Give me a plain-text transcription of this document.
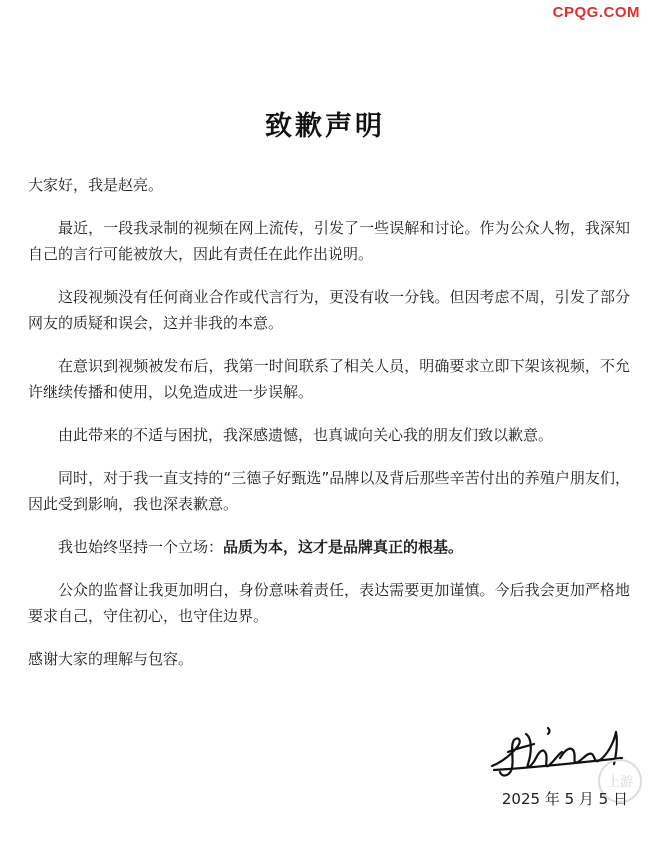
CPQG.COM
致歉声明

大家好，我是赵亮。

最近，一段我录制的视频在网上流传，引发了一些误解和讨论。作为公众人物，我深知自己的言行可能被放大，因此有责任在此作出说明。

这段视频没有任何商业合作或代言行为，更没有收一分钱。但因考虑不周，引发了部分网友的质疑和误会，这并非我的本意。

在意识到视频被发布后，我第一时间联系了相关人员，明确要求立即下架该视频，不允许继续传播和使用，以免造成进一步误解。

由此带来的不适与困扰，我深感遗憾，也真诚向关心我的朋友们致以歉意。

同时，对于我一直支持的“三德子好甄选”品牌以及背后那些辛苦付出的养殖户朋友们，因此受到影响，我也深表歉意。

我也始终坚持一个立场：品质为本，这才是品牌真正的根基。

公众的监督让我更加明白，身份意味着责任，表达需要更加谨慎。今后我会更加严格地要求自己，守住初心，也守住边界。

感谢大家的理解与包容。

上游
2025 年 5 月 5 日
